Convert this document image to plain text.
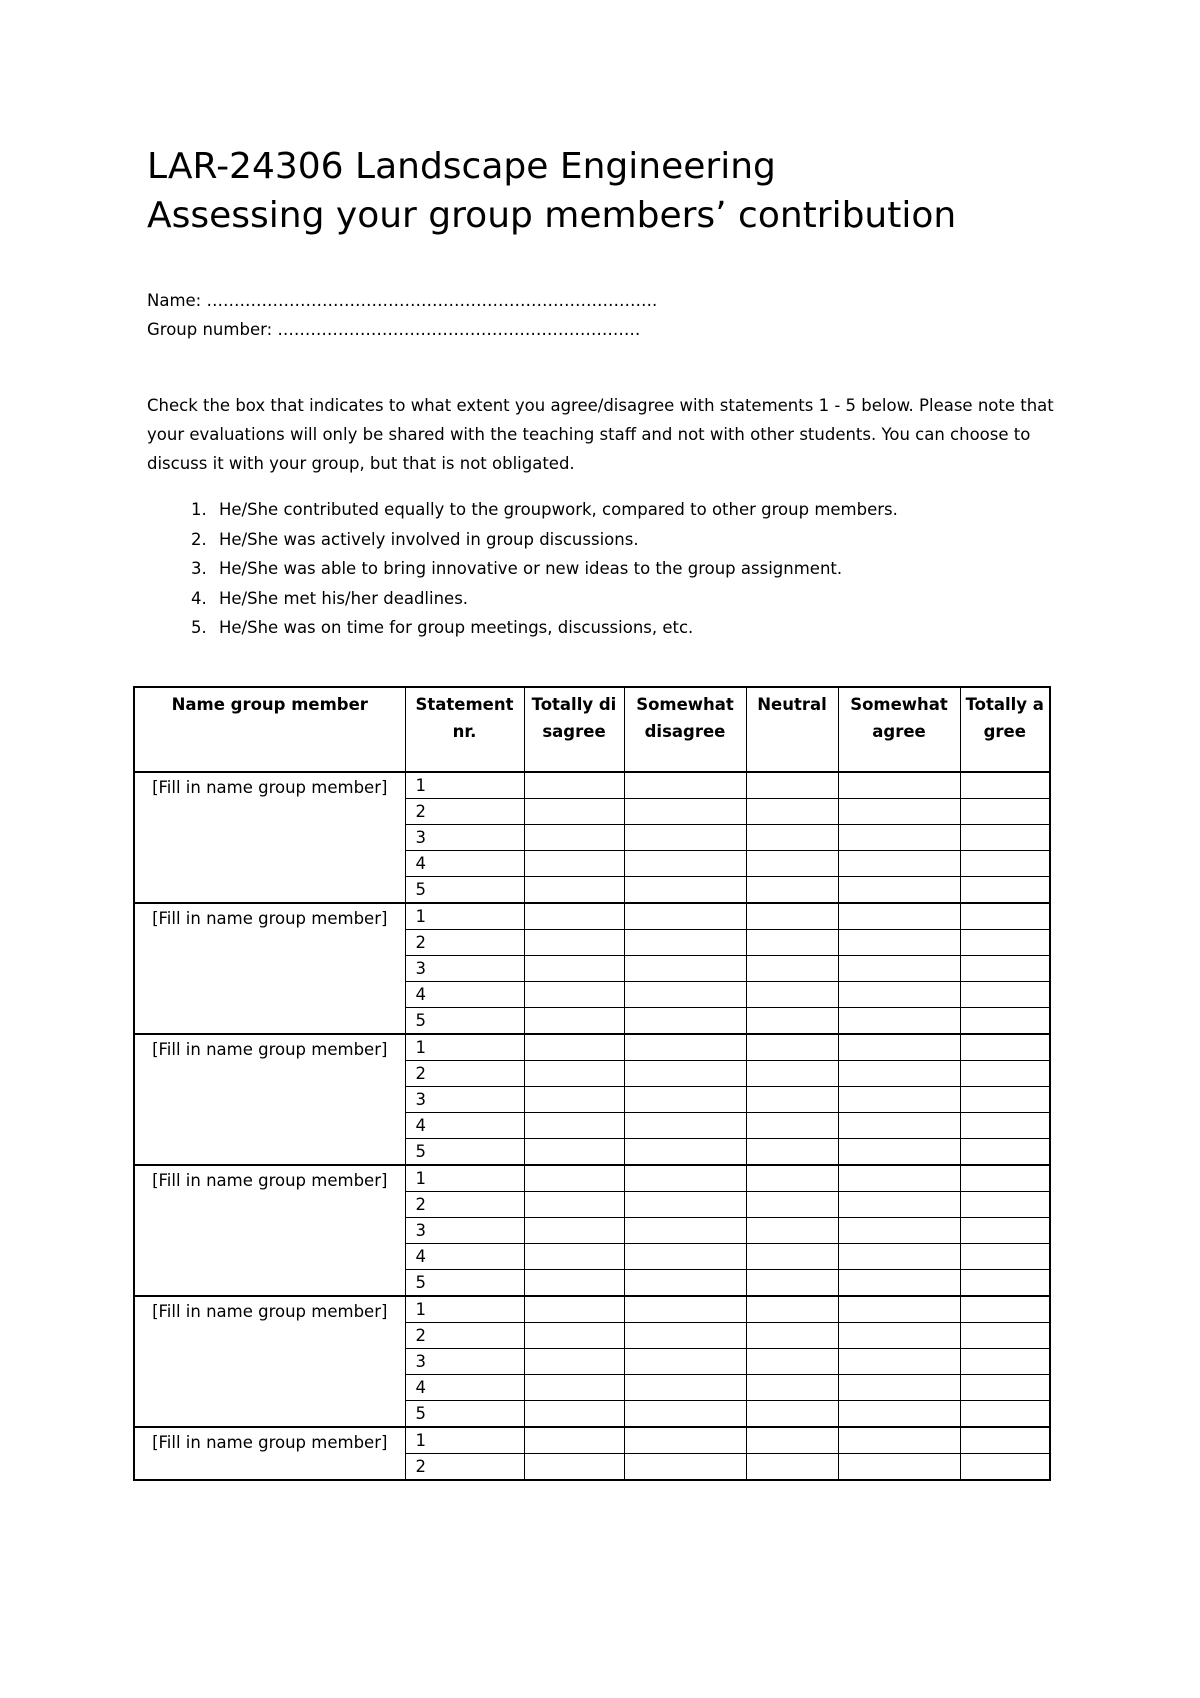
LAR-24306 Landscape Engineering
Assessing your group members’ contribution
Name: ……………………………………………………………………….
Group number: …………………………………………………………

Check the box that indicates to what extent you agree/disagree with statements 1 - 5 below. Please note that your evaluations will only be shared with the teaching staff and not with other students. You can choose to discuss it with your group, but that is not obligated.

1. He/She contributed equally to the groupwork, compared to other group members.
2. He/She was actively involved in group discussions.
3. He/She was able to bring innovative or new ideas to the group assignment.
4. He/She met his/her deadlines.
5. He/She was on time for group meetings, discussions, etc.
Name group member	Statement nr.	Totally disagree	Somewhat disagree	Neutral	Somewhat agree	Totally agree
[Fill in name group member]	1					
	2					
	3					
	4					
	5					
[Fill in name group member]	1					
	2					
	3					
	4					
	5					
[Fill in name group member]	1					
	2					
	3					
	4					
	5					
[Fill in name group member]	1					
	2					
	3					
	4					
	5					
[Fill in name group member]	1					
	2					
	3					
	4					
	5					
[Fill in name group member]	1					
	2					
